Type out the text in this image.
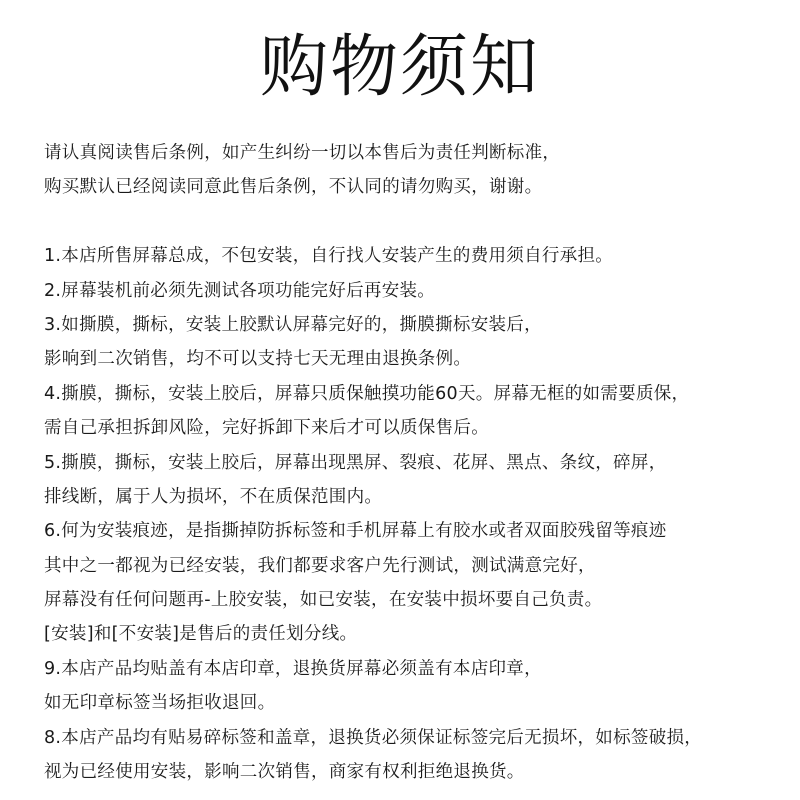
购物须知
请认真阅读售后条例，如产生纠纷一切以本售后为责任判断标准，
购买默认已经阅读同意此售后条例，不认同的请勿购买，谢谢。
1.本店所售屏幕总成，不包安装，自行找人安装产生的费用须自行承担。
2.屏幕装机前必须先测试各项功能完好后再安装。
3.如撕膜，撕标，安装上胶默认屏幕完好的，撕膜撕标安装后，
影响到二次销售，均不可以支持七天无理由退换条例。
4.撕膜，撕标，安装上胶后，屏幕只质保触摸功能60天。屏幕无框的如需要质保，
需自己承担拆卸风险，完好拆卸下来后才可以质保售后。
5.撕膜，撕标，安装上胶后，屏幕出现黑屏、裂痕、花屏、黑点、条纹，碎屏，
排线断，属于人为损坏，不在质保范围内。
6.何为安装痕迹，是指撕掉防拆标签和手机屏幕上有胶水或者双面胶残留等痕迹
其中之一都视为已经安装，我们都要求客户先行测试，测试满意完好，
屏幕没有任何问题再-上胶安装，如已安装，在安装中损坏要自己负责。
[安装]和[不安装]是售后的责任划分线。
9.本店产品均贴盖有本店印章，退换货屏幕必须盖有本店印章，
如无印章标签当场拒收退回。
8.本店产品均有贴易碎标签和盖章，退换货必须保证标签完后无损坏，如标签破损，
视为已经使用安装，影响二次销售，商家有权利拒绝退换货。
